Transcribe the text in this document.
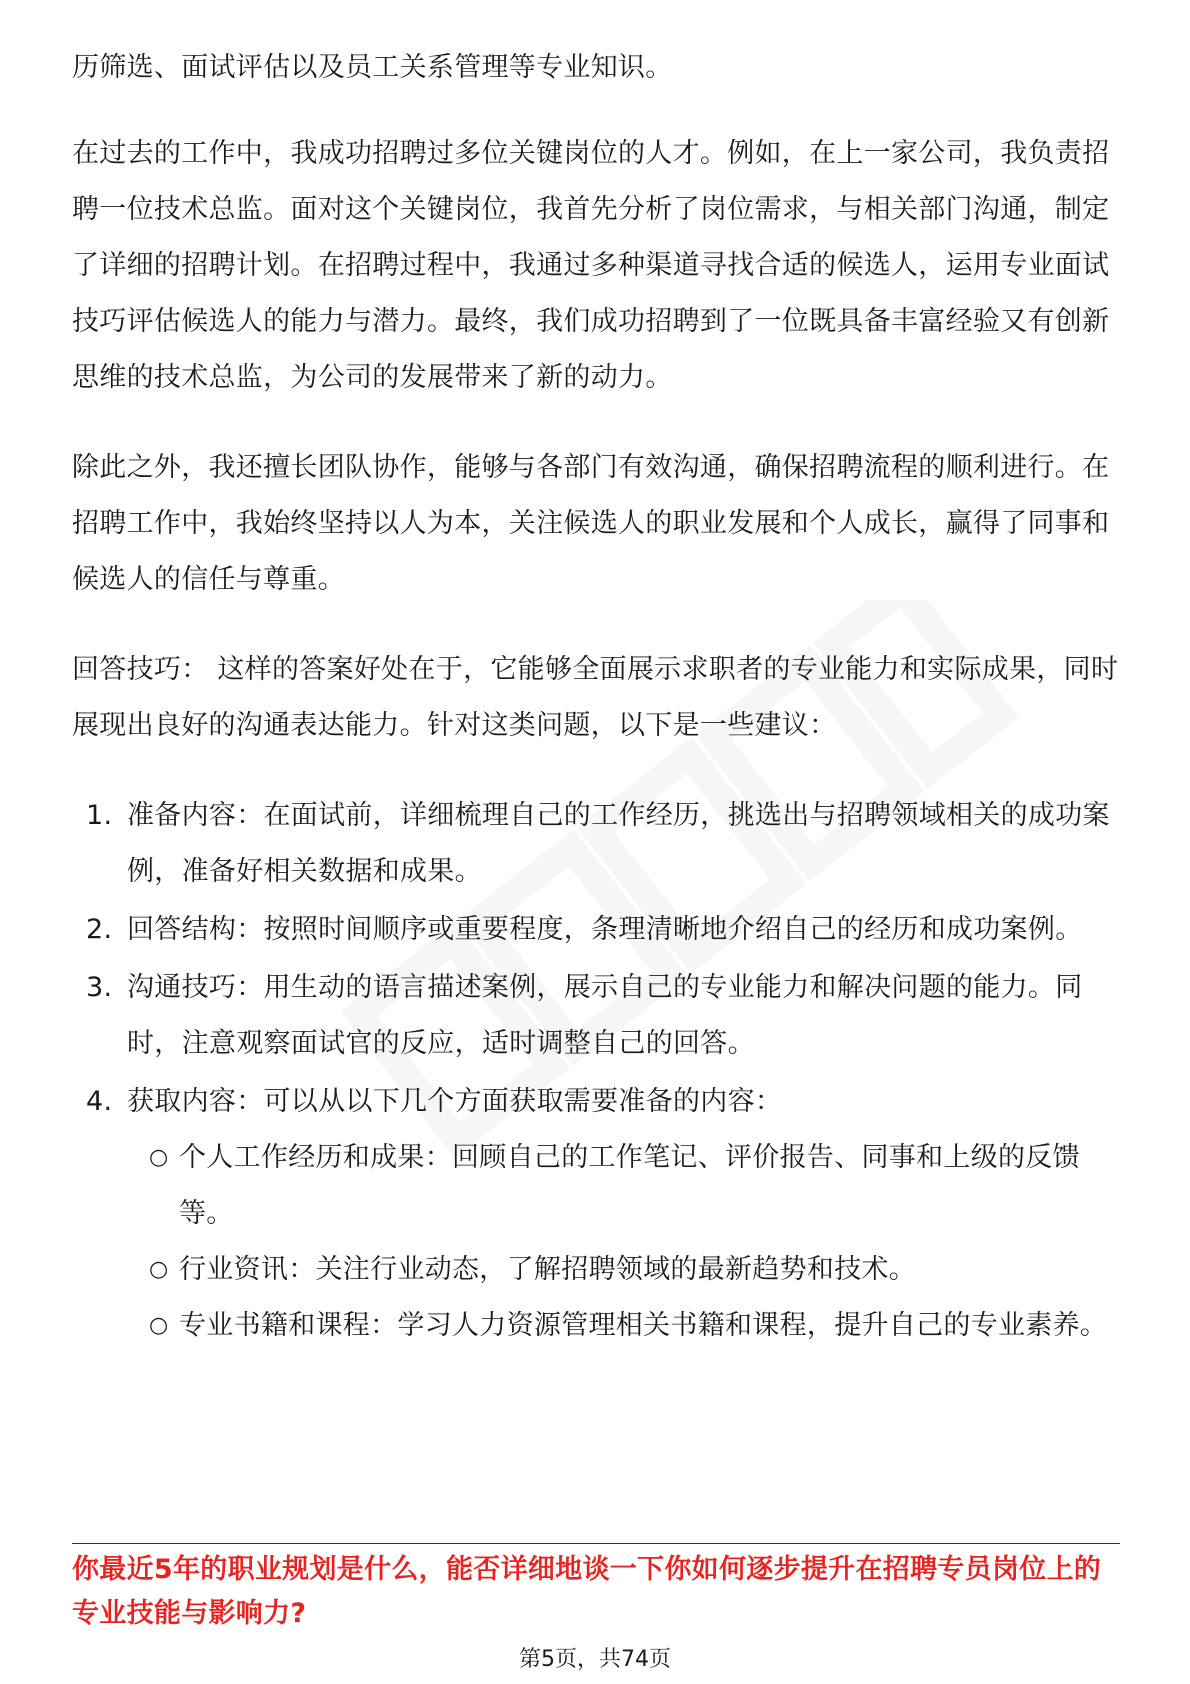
历筛选、面试评估以及员工关系管理等专业知识。

在过去的工作中，我成功招聘过多位关键岗位的人才。例如，在上一家公司，我负责招聘一位技术总监。面对这个关键岗位，我首先分析了岗位需求，与相关部门沟通，制定了详细的招聘计划。在招聘过程中，我通过多种渠道寻找合适的候选人，运用专业面试技巧评估候选人的能力与潜力。最终，我们成功招聘到了一位既具备丰富经验又有创新思维的技术总监，为公司的发展带来了新的动力。

除此之外，我还擅长团队协作，能够与各部门有效沟通，确保招聘流程的顺利进行。在招聘工作中，我始终坚持以人为本，关注候选人的职业发展和个人成长，赢得了同事和候选人的信任与尊重。

回答技巧： 这样的答案好处在于，它能够全面展示求职者的专业能力和实际成果，同时展现出良好的沟通表达能力。针对这类问题，以下是一些建议：

1. 准备内容：在面试前，详细梳理自己的工作经历，挑选出与招聘领域相关的成功案例，准备好相关数据和成果。
2. 回答结构：按照时间顺序或重要程度，条理清晰地介绍自己的经历和成功案例。
3. 沟通技巧：用生动的语言描述案例，展示自己的专业能力和解决问题的能力。同时，注意观察面试官的反应，适时调整自己的回答。
4. 获取内容：可以从以下几个方面获取需要准备的内容：
○ 个人工作经历和成果：回顾自己的工作笔记、评价报告、同事和上级的反馈等。
○ 行业资讯：关注行业动态，了解招聘领域的最新趋势和技术。
○ 专业书籍和课程：学习人力资源管理相关书籍和课程，提升自己的专业素养。
你最近5年的职业规划是什么，能否详细地谈一下你如何逐步提升在招聘专员岗位上的专业技能与影响力?
第5页，共74页
